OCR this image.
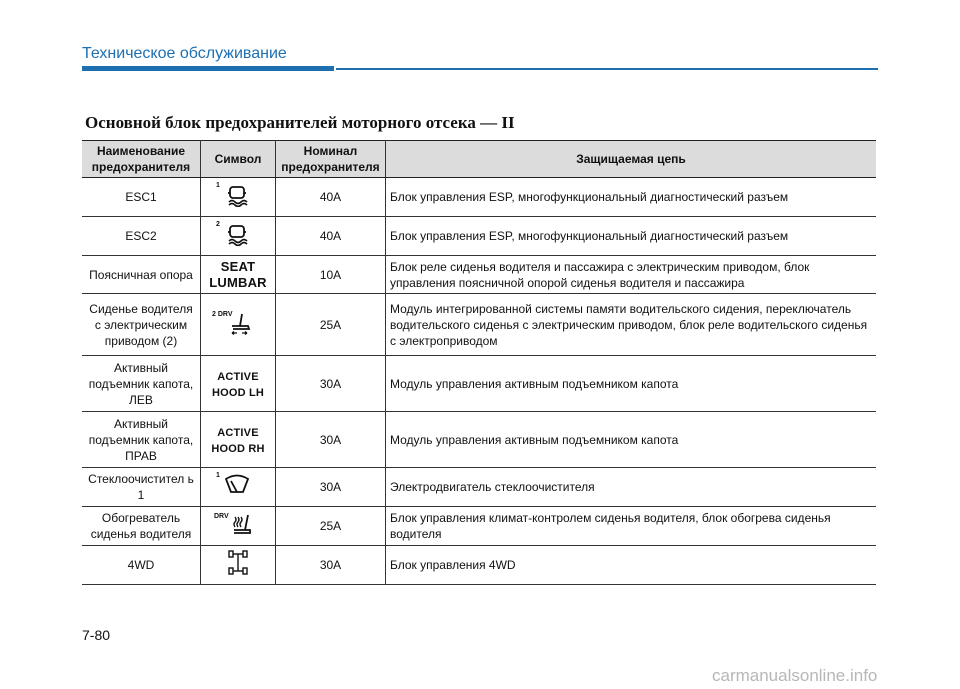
Техническое обслуживание
Основной блок предохранителей моторного отсека — II
Наименование предохранителя	Символ	Номинал предохранителя	Защищаемая цепь
ESC1	1	40A	Блок управления ESP, многофункциональный диагностический разъем
ESC2	2	40A	Блок управления ESP, многофункциональный диагностический разъем
Поясничная опора	SEAT LUMBAR	10A	Блок реле сиденья водителя и пассажира с электрическим приводом, блок управления поясничной опорой сиденья водителя и пассажира
Сиденье водителя с электрическим приводом (2)	2 DRV	25A	Модуль интегрированной системы памяти водительского сидения, переключатель водительского сиденья с электрическим приводом, блок реле водительского сиденья с электроприводом
Активный подъемник капота, ЛЕВ	ACTIVE HOOD LH	30A	Модуль управления активным подъемником капота
Активный подъемник капота, ПРАВ	ACTIVE HOOD RH	30A	Модуль управления активным подъемником капота
Стеклоочистител ь 1	1	30A	Электродвигатель стеклоочистителя
Обогреватель сиденья водителя	DRV	25A	Блок управления климат-контролем сиденья водителя, блок обогрева сиденья водителя
4WD		30A	Блок управления 4WD
7-80
carmanualsonline.info
